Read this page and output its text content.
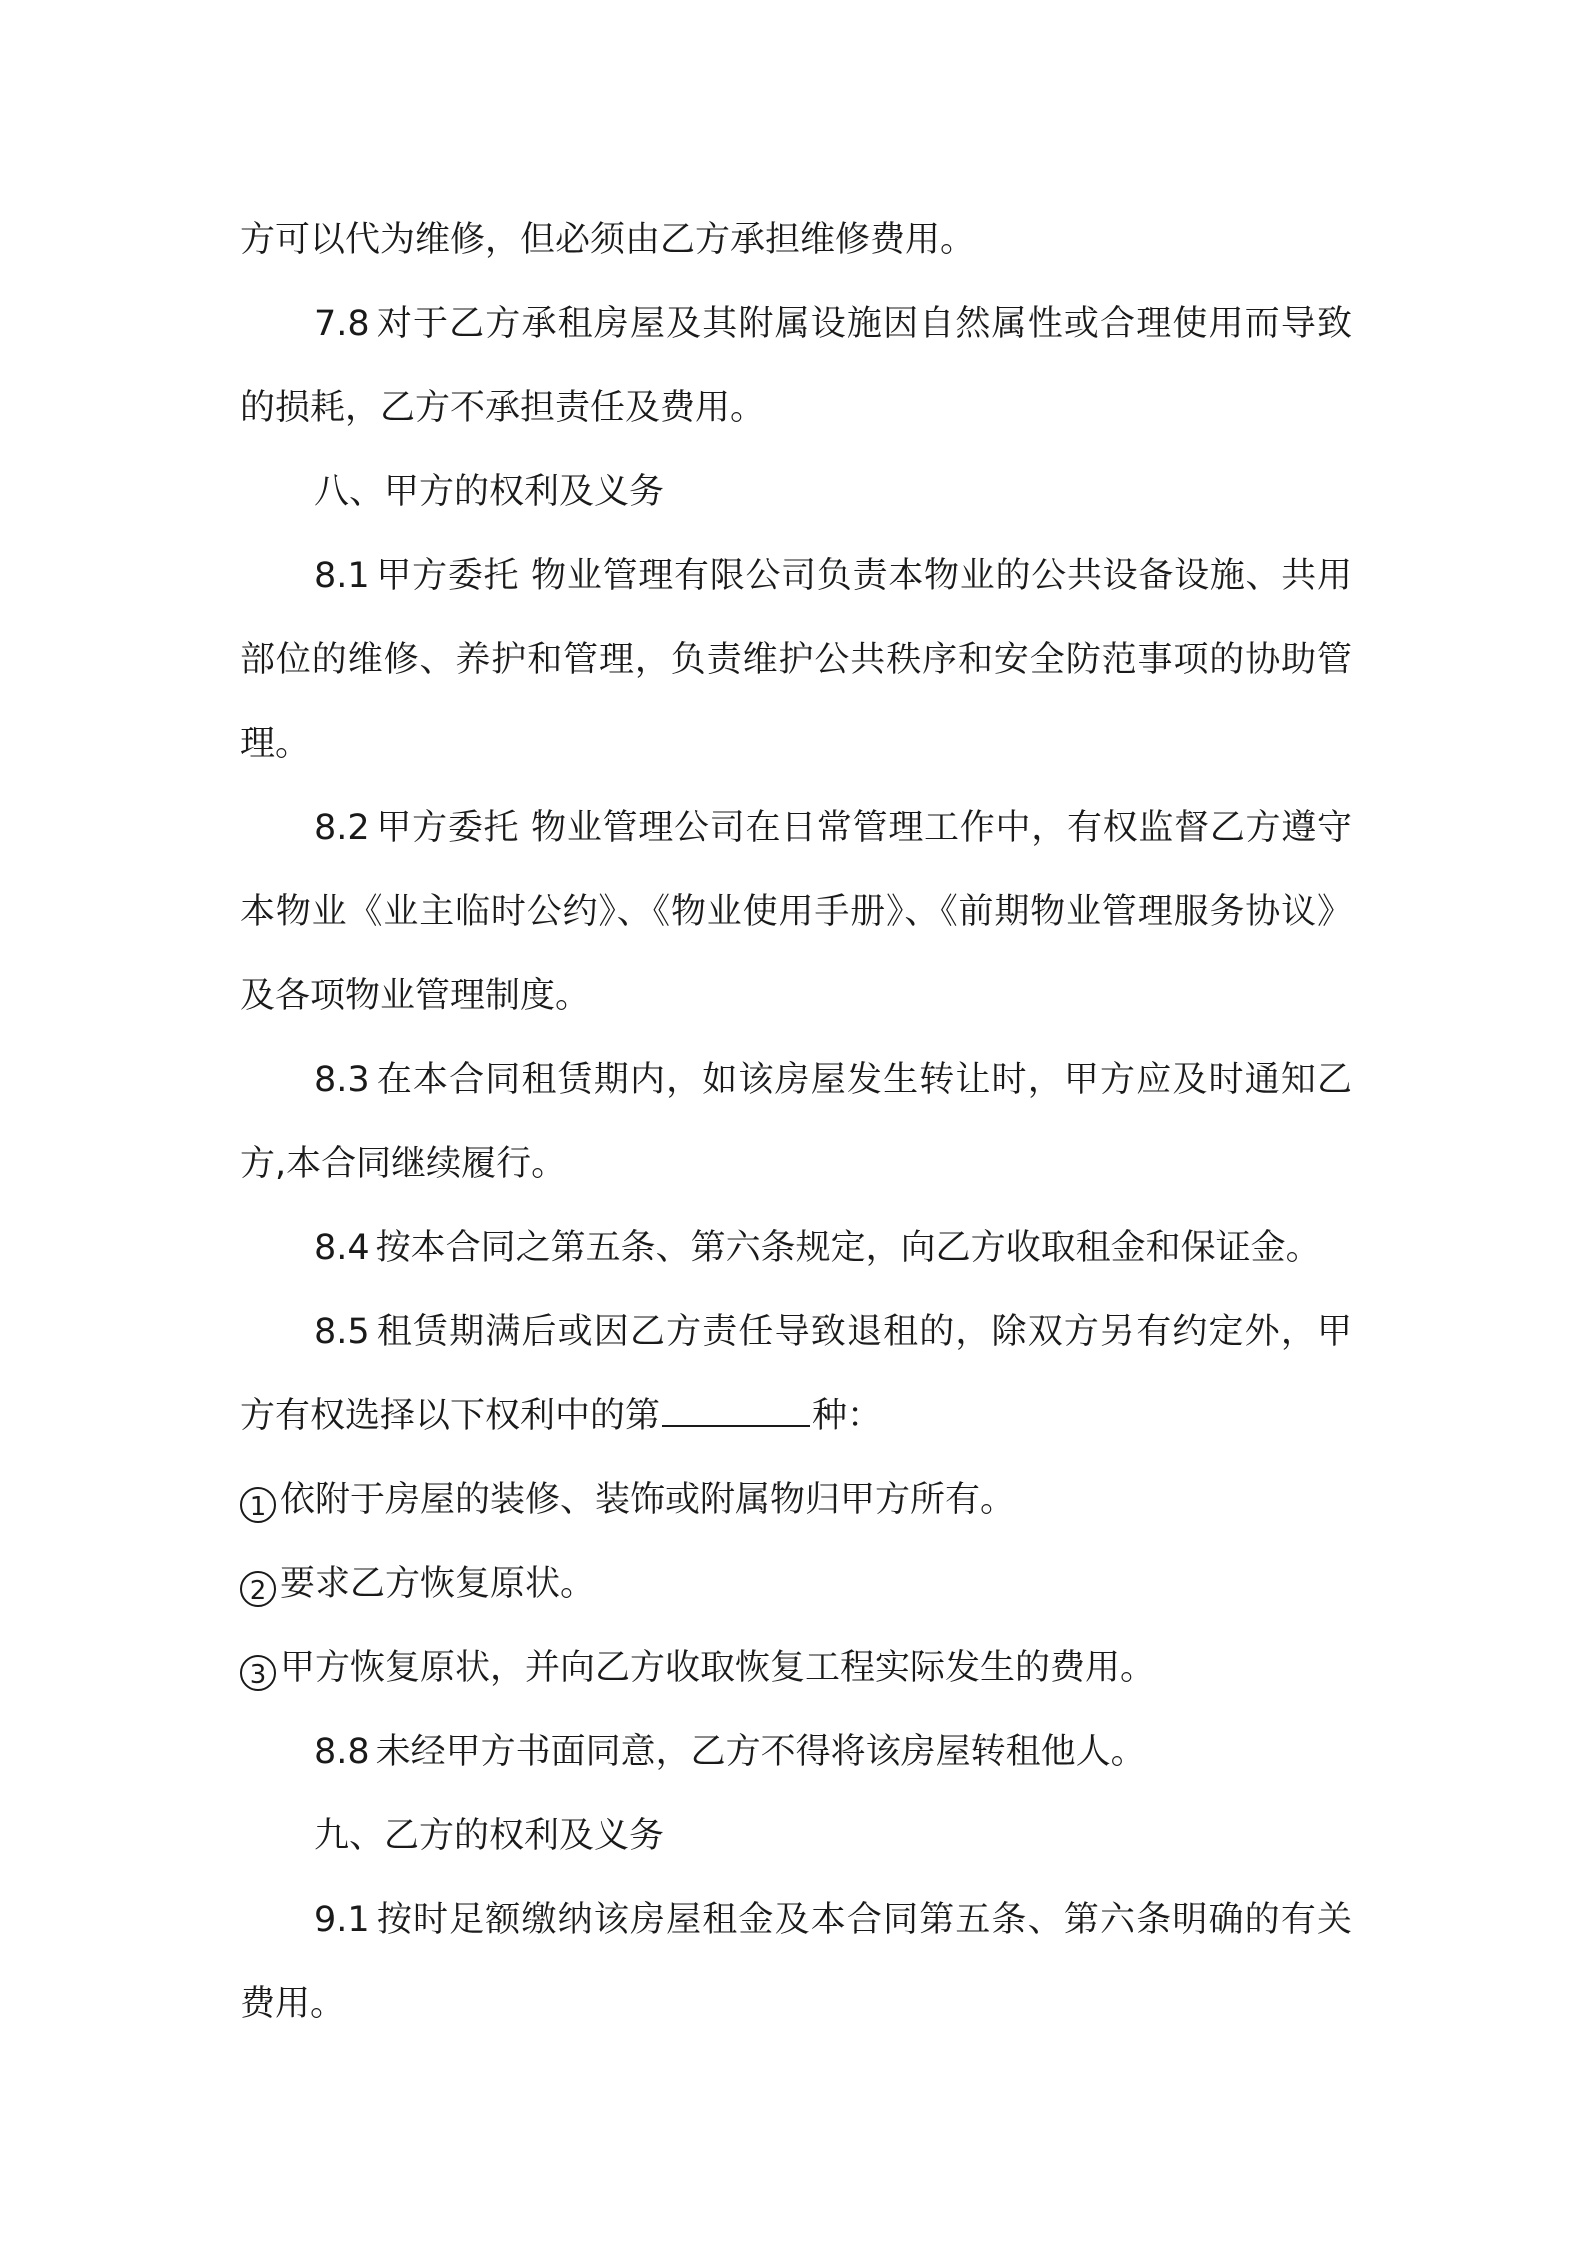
方可以代为维修，但必须由乙方承担维修费用。

7.8 对于乙方承租房屋及其附属设施因自然属性或合理使用而导致的损耗，乙方不承担责任及费用。

八、甲方的权利及义务

8.1 甲方委托 物业管理有限公司负责本物业的公共设备设施、共用部位的维修、养护和管理，负责维护公共秩序和安全防范事项的协助管理。

8.2 甲方委托 物业管理公司在日常管理工作中，有权监督乙方遵守本物业《业主临时公约》、《物业使用手册》、《前期物业管理服务协议》及各项物业管理制度。

8.3 在本合同租赁期内，如该房屋发生转让时，甲方应及时通知乙方,本合同继续履行。

8.4 按本合同之第五条、第六条规定，向乙方收取租金和保证金。

8.5 租赁期满后或因乙方责任导致退租的，除双方另有约定外，甲方有权选择以下权利中的第	种：

1 依附于房屋的装修、装饰或附属物归甲方所有。

2 要求乙方恢复原状。

3 甲方恢复原状，并向乙方收取恢复工程实际发生的费用。

8.8 未经甲方书面同意，乙方不得将该房屋转租他人。

九、乙方的权利及义务

9.1 按时足额缴纳该房屋租金及本合同第五条、第六条明确的有关费用。
